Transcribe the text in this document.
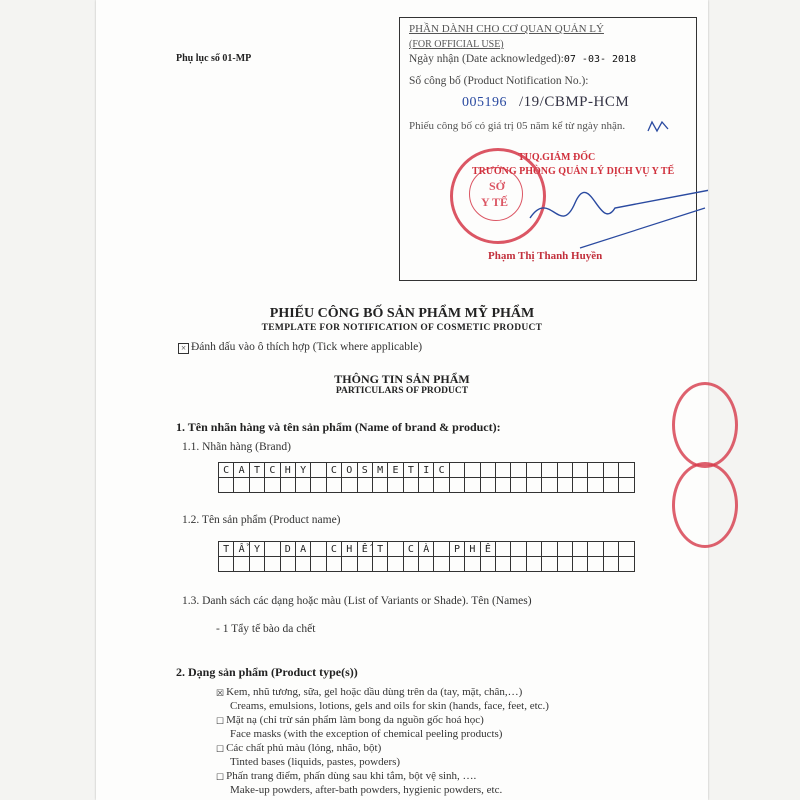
Phụ lục số 01-MP
PHẦN DÀNH CHO CƠ QUAN QUẢN LÝ
(FOR OFFICIAL USE)
Ngày nhận (Date acknowledged):07 -03- 2018
Số công bố (Product Notification No.):
005196 /19/CBMP-HCM
Phiếu công bố có giá trị 05 năm kể từ ngày nhận.
TUQ.GIÁM ĐỐC
TRƯỞNG PHÒNG QUẢN LÝ DỊCH VỤ Y TẾ
SỞ
Y TẾ
Phạm Thị Thanh Huyền
PHIẾU CÔNG BỐ SẢN PHẨM MỸ PHẨM
TEMPLATE FOR NOTIFICATION OF COSMETIC PRODUCT
× Đánh dấu vào ô thích hợp (Tick where applicable)
THÔNG TIN SẢN PHẨM
PARTICULARS OF PRODUCT
1. Tên nhãn hàng và tên sản phẩm (Name of brand & product):
1.1. Nhãn hàng (Brand)
C A T C H Y	C O S M E T I C
1.2. Tên sản phẩm (Product name)
T Ẩ Y	D A	C H Ế T	C À	P H Ê
1.3. Danh sách các dạng hoặc màu (List of Variants or Shade). Tên (Names)
- 1 Tẩy tế bào da chết
2. Dạng sản phẩm (Product type(s))
☒ Kem, nhũ tương, sữa, gel hoặc dầu dùng trên da (tay, mặt, chân,…)
Creams, emulsions, lotions, gels and oils for skin (hands, face, feet, etc.)
☐ Mặt nạ (chỉ trừ sản phẩm làm bong da nguồn gốc hoá học)
Face masks (with the exception of chemical peeling products)
☐ Các chất phủ màu (lỏng, nhão, bột)
Tinted bases (liquids, pastes, powders)
☐ Phấn trang điểm, phấn dùng sau khi tắm, bột vệ sinh, ….
Make-up powders, after-bath powders, hygienic powders, etc.
